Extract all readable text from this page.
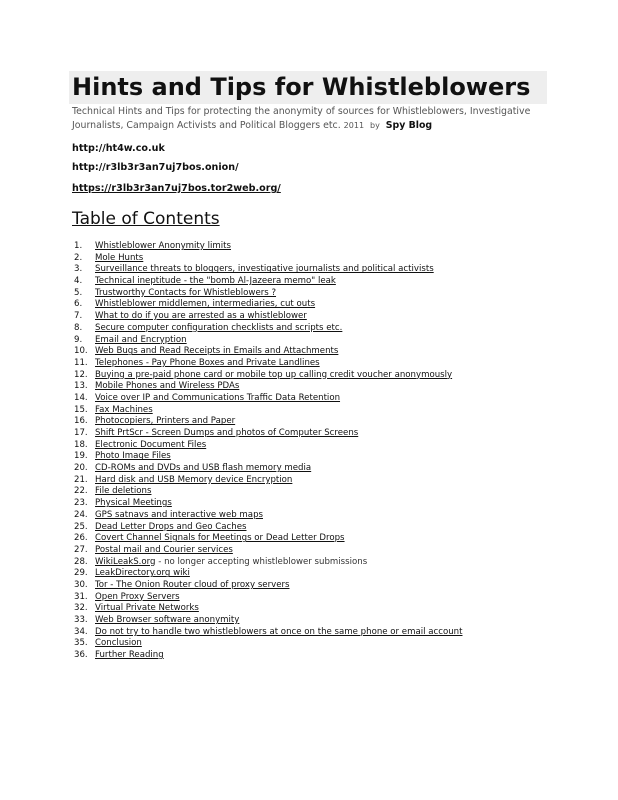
Hints and Tips for Whistleblowers

Technical Hints and Tips for protecting the anonymity of sources for Whistleblowers, Investigative Journalists, Campaign Activists and Political Bloggers etc. 2011 by Spy Blog

http://ht4w.co.uk
http://r3lb3r3an7uj7bos.onion/
https://r3lb3r3an7uj7bos.tor2web.org/
Table of Contents
1. Whistleblower Anonymity limits
2. Mole Hunts
3. Surveillance threats to bloggers, investigative journalists and political activists
4. Technical ineptitude - the "bomb Al-Jazeera memo" leak
5. Trustworthy Contacts for Whistleblowers ?
6. Whistleblower middlemen, intermediaries, cut outs
7. What to do if you are arrested as a whistleblower
8. Secure computer configuration checklists and scripts etc.
9. Email and Encryption
10. Web Bugs and Read Receipts in Emails and Attachments
11. Telephones - Pay Phone Boxes and Private Landlines
12. Buying a pre-paid phone card or mobile top up calling credit voucher anonymously
13. Mobile Phones and Wireless PDAs
14. Voice over IP and Communications Traffic Data Retention
15. Fax Machines
16. Photocopiers, Printers and Paper
17. Shift PrtScr - Screen Dumps and photos of Computer Screens
18. Electronic Document Files
19. Photo Image Files
20. CD-ROMs and DVDs and USB flash memory media
21. Hard disk and USB Memory device Encryption
22. File deletions
23. Physical Meetings
24. GPS satnavs and interactive web maps
25. Dead Letter Drops and Geo Caches
26. Covert Channel Signals for Meetings or Dead Letter Drops
27. Postal mail and Courier services
28. WikiLeakS.org - no longer accepting whistleblower submissions
29. LeakDirectory.org wiki
30. Tor - The Onion Router cloud of proxy servers
31. Open Proxy Servers
32. Virtual Private Networks
33. Web Browser software anonymity
34. Do not try to handle two whistleblowers at once on the same phone or email account
35. Conclusion
36. Further Reading
